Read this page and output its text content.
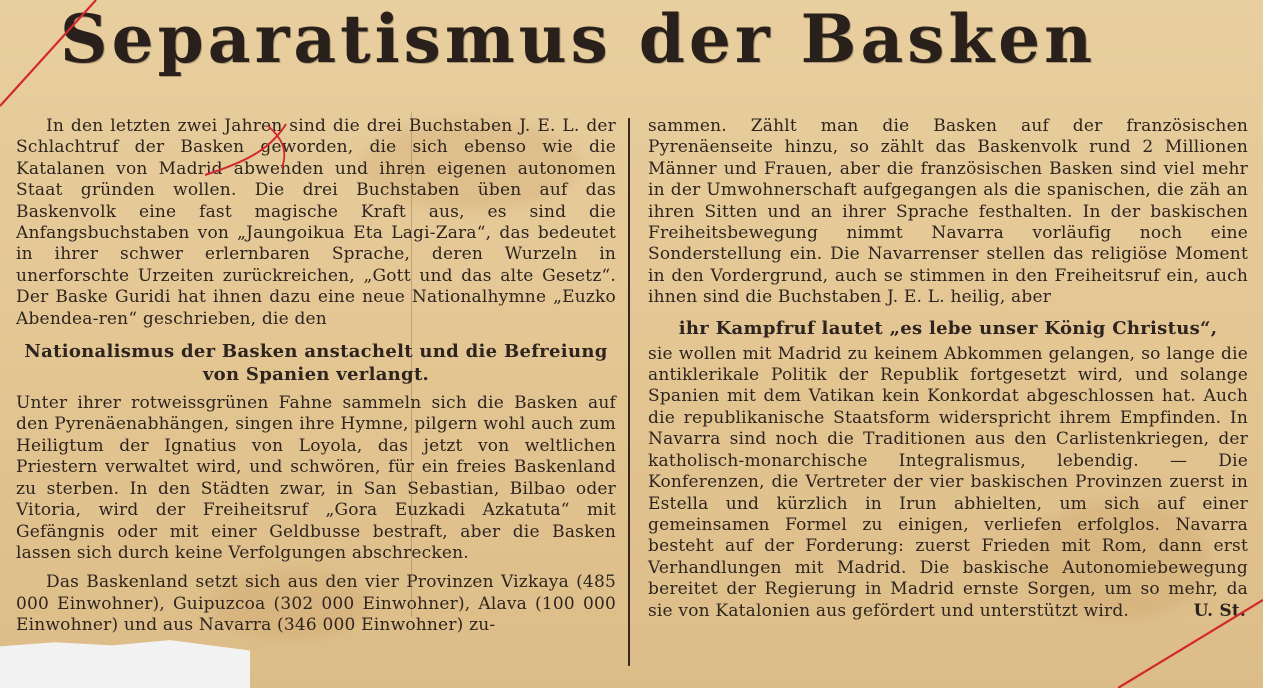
Separatismus der Basken

In den letzten zwei Jahren sind die drei Buchstaben J. E. L. der Schlachtruf der Basken geworden, die sich ebenso wie die Katalanen von Madrid abwenden und ihren eigenen autonomen Staat gründen wollen. Die drei Buchstaben üben auf das Baskenvolk eine fast magische Kraft aus, es sind die Anfangsbuchstaben von „Jaungoikua Eta Lagi-Zara“, das bedeutet in ihrer schwer erlernbaren Sprache, deren Wurzeln in unerforschte Urzeiten zurückreichen, „Gott und das alte Gesetz“. Der Baske Guridi hat ihnen dazu eine neue Nationalhymne „Euzko Abendea-ren“ geschrieben, die den

Nationalismus der Basken anstachelt und die Befreiung von Spanien verlangt.

Unter ihrer rotweissgrünen Fahne sammeln sich die Basken auf den Pyrenäenabhängen, singen ihre Hymne, pilgern wohl auch zum Heiligtum der Ignatius von Loyola, das jetzt von weltlichen Priestern verwaltet wird, und schwören, für ein freies Baskenland zu sterben. In den Städten zwar, in San Sebastian, Bilbao oder Vitoria, wird der Freiheitsruf „Gora Euzkadi Azkatuta“ mit Gefängnis oder mit einer Geldbusse bestraft, aber die Basken lassen sich durch keine Verfolgungen abschrecken.

Das Baskenland setzt sich aus den vier Provinzen Vizkaya (485 000 Einwohner), Guipuzcoa (302 000 Einwohner), Alava (100 000 Einwohner) und aus Navarra (346 000 Einwohner) zu-

sammen. Zählt man die Basken auf der französischen Pyrenäenseite hinzu, so zählt das Baskenvolk rund 2 Millionen Männer und Frauen, aber die französischen Basken sind viel mehr in der Umwohnerschaft aufgegangen als die spanischen, die zäh an ihren Sitten und an ihrer Sprache festhalten. In der baskischen Freiheitsbewegung nimmt Navarra vorläufig noch eine Sonderstellung ein. Die Navarrenser stellen das religiöse Moment in den Vordergrund, auch se stimmen in den Freiheitsruf ein, auch ihnen sind die Buchstaben J. E. L. heilig, aber

ihr Kampfruf lautet „es lebe unser König Christus“,

sie wollen mit Madrid zu keinem Abkommen gelangen, so lange die antiklerikale Politik der Republik fortgesetzt wird, und solange Spanien mit dem Vatikan kein Konkordat abgeschlossen hat. Auch die republikanische Staatsform widerspricht ihrem Empfinden. In Navarra sind noch die Traditionen aus den Carlistenkriegen, der katholisch-monarchische Integralismus, lebendig. — Die Konferenzen, die Vertreter der vier baskischen Provinzen zuerst in Estella und kürzlich in Irun abhielten, um sich auf einer gemeinsamen Formel zu einigen, verliefen erfolglos. Navarra besteht auf der Forderung: zuerst Frieden mit Rom, dann erst Verhandlungen mit Madrid. Die baskische Autonomiebewegung bereitet der Regierung in Madrid ernste Sorgen, um so mehr, da sie von Katalonien aus gefördert und unterstützt wird.	U. St.
